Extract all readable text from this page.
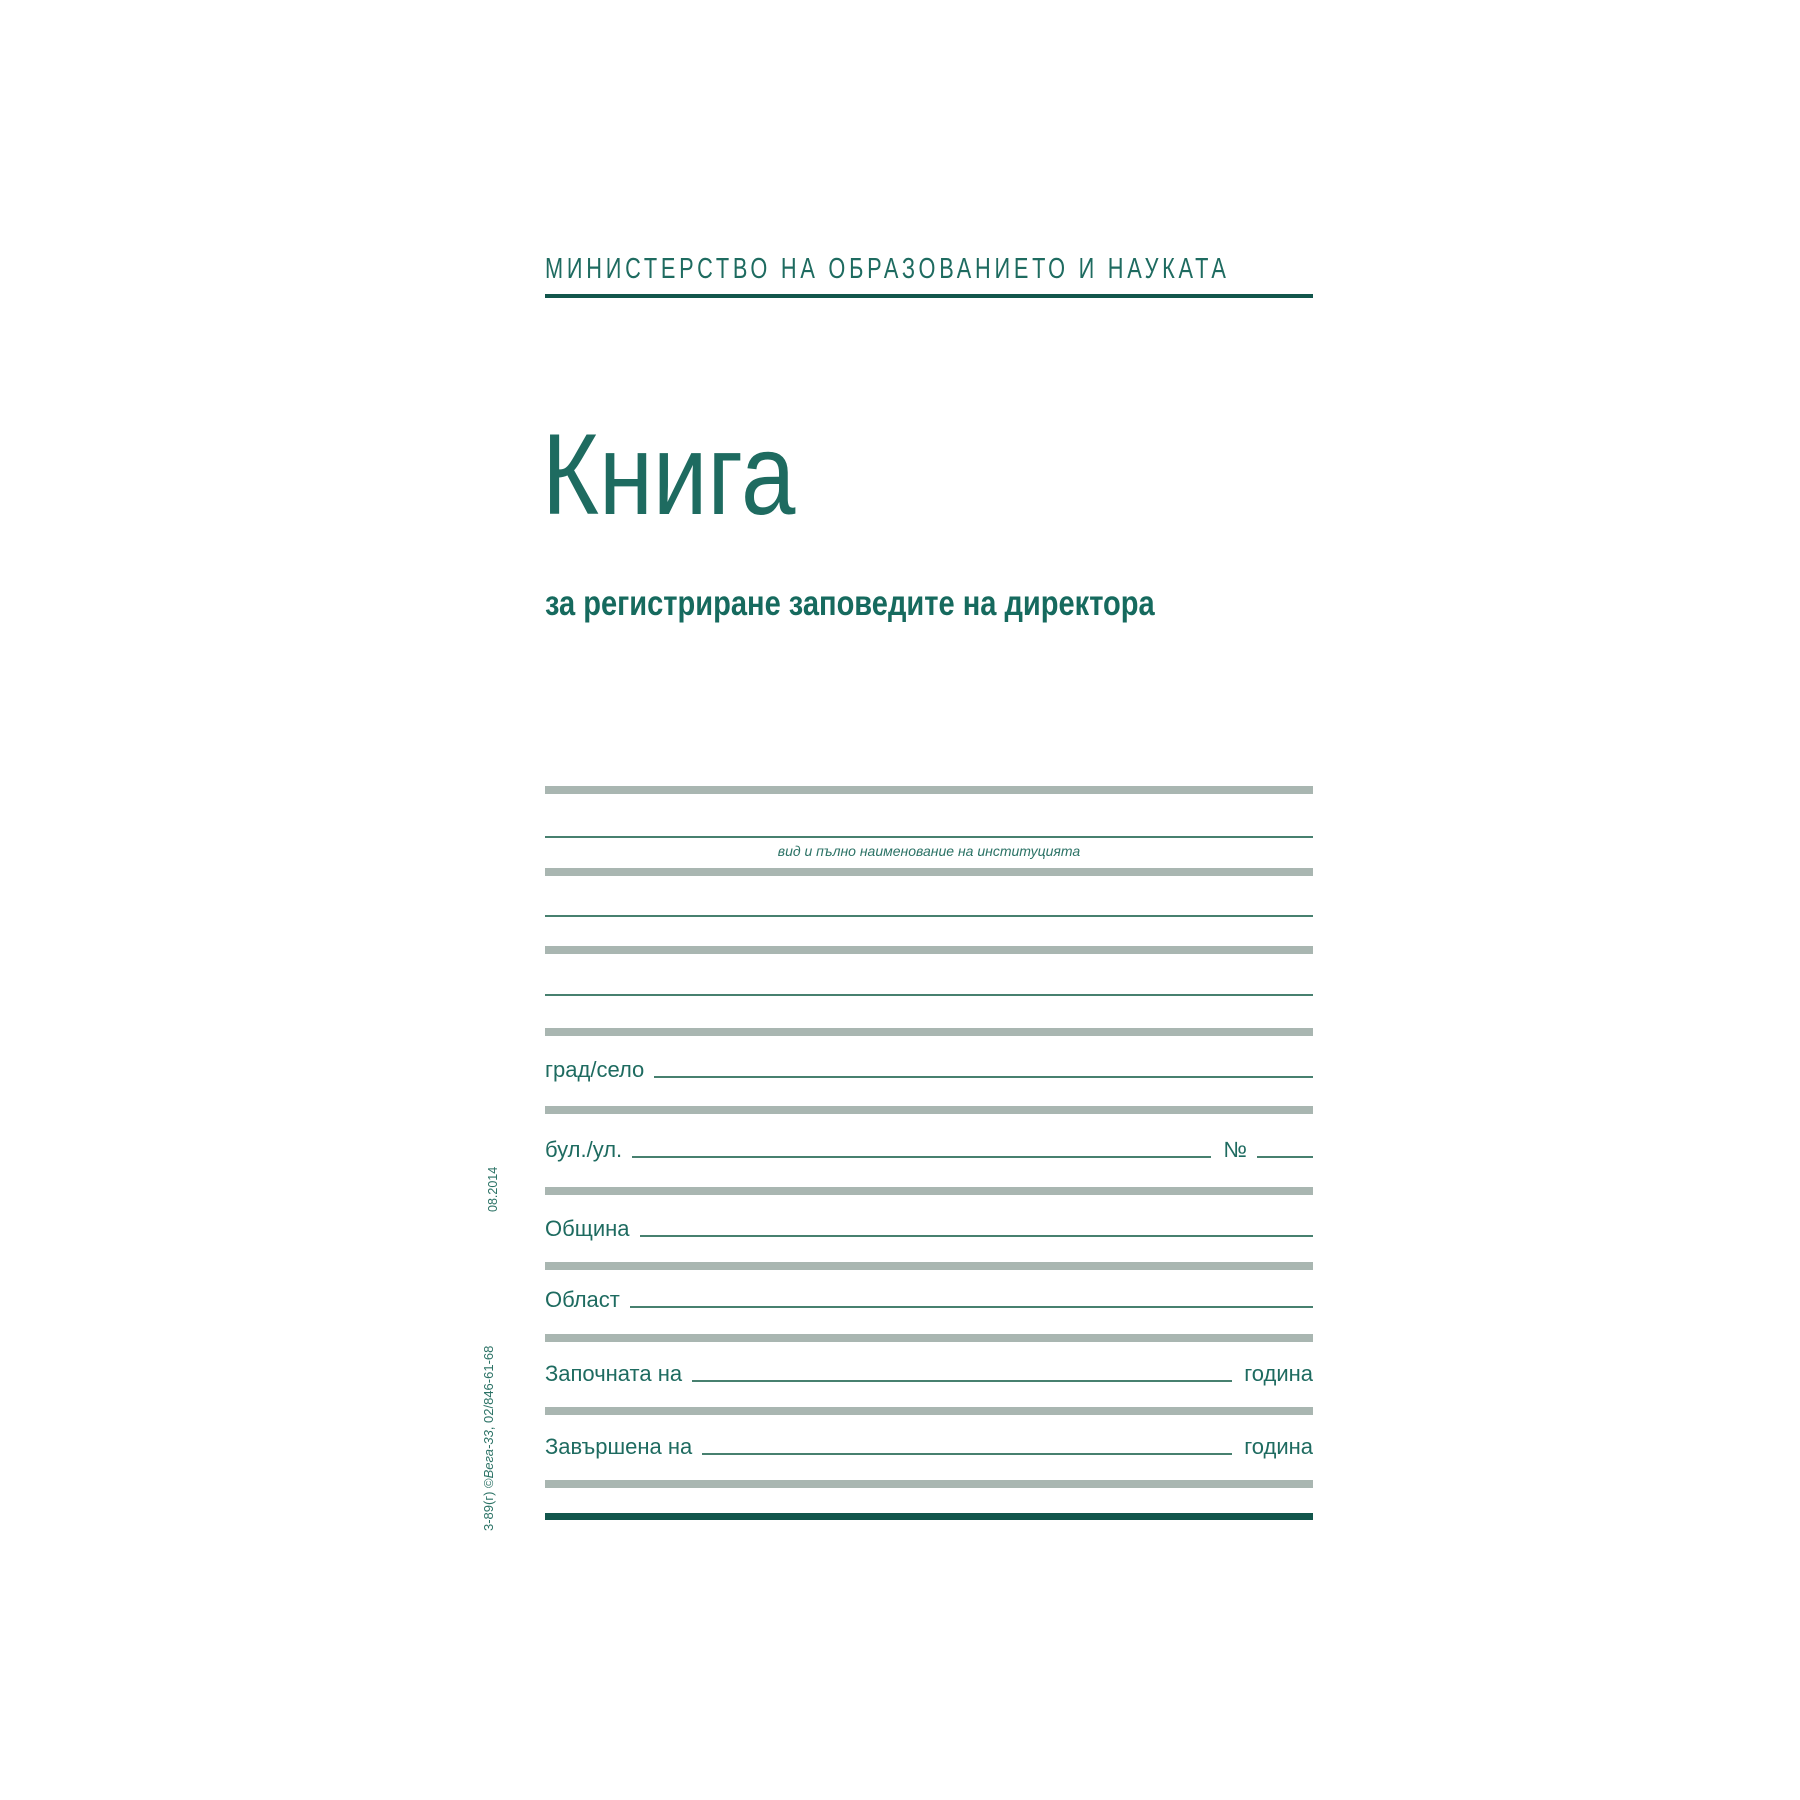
МИНИСТЕРСТВО НА ОБРАЗОВАНИЕТО И НАУКАТА
Книга
за регистриране заповедите на директора
вид и пълно наименование на институцията
град/село
бул./ул.	№
Община
Област
Започната на	година
Завършена на	година
08.2014
3-89(г) ©Вега-33, 02/846-61-68
